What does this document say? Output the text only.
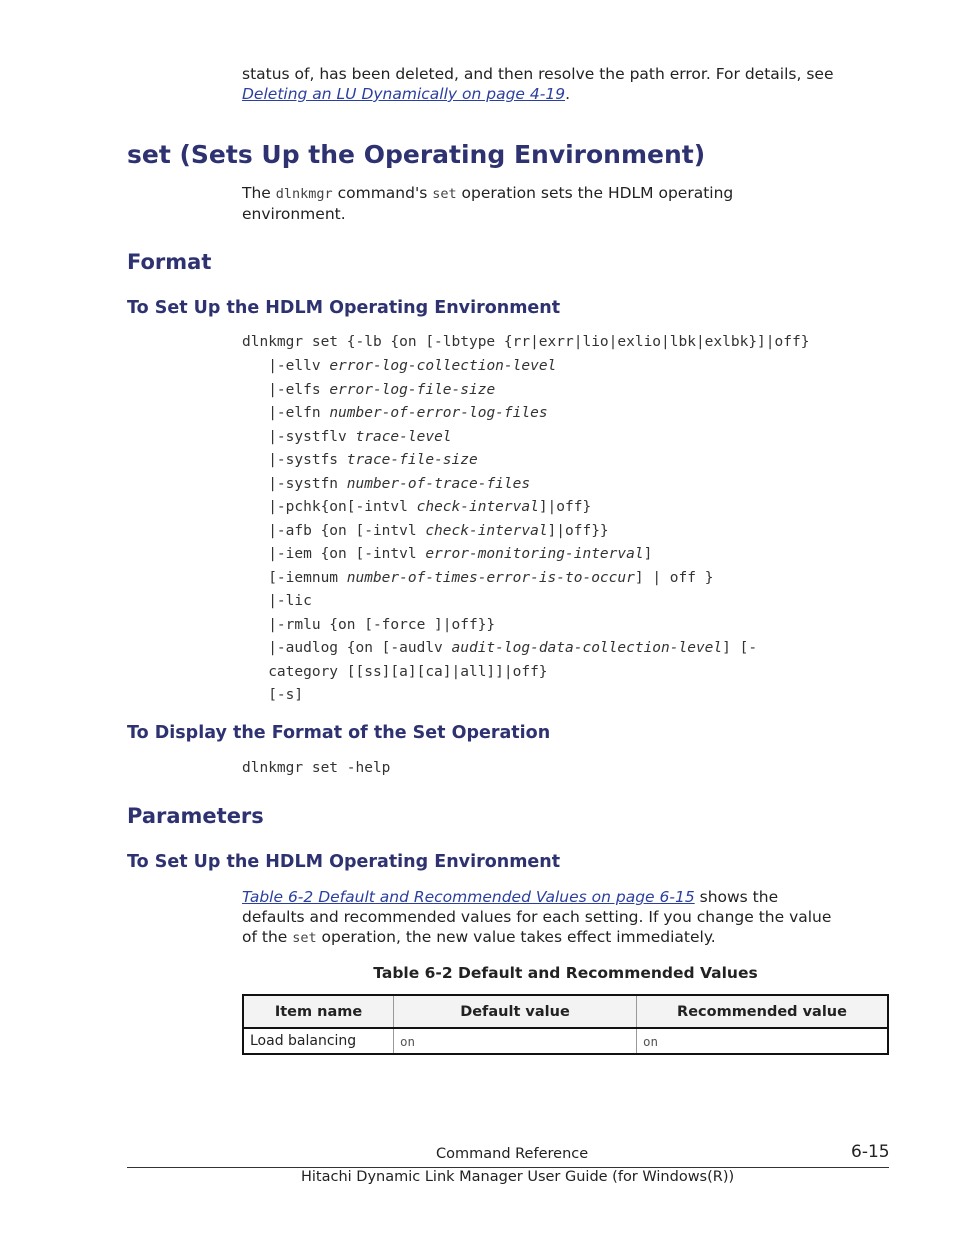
status of, has been deleted, and then resolve the path error. For details, see
Deleting an LU Dynamically on page 4-19.
set (Sets Up the Operating Environment)
The dlnkmgr command's set operation sets the HDLM operating
environment.
Format
To Set Up the HDLM Operating Environment
dlnkmgr set {-lb {on [-lbtype {rr|exrr|lio|exlio|lbk|exlbk}]|off}
|-ellv error-log-collection-level
|-elfs error-log-file-size
|-elfn number-of-error-log-files
|-systflv trace-level
|-systfs trace-file-size
|-systfn number-of-trace-files
|-pchk{on[-intvl check-interval]|off}
|-afb {on [-intvl check-interval]|off}}
|-iem {on [-intvl error-monitoring-interval]
[-iemnum number-of-times-error-is-to-occur] | off }
|-lic
|-rmlu {on [-force ]|off}}
|-audlog {on [-audlv audit-log-data-collection-level] [-
category [[ss][a][ca]|all]]|off}
[-s]
To Display the Format of the Set Operation
dlnkmgr set -help
Parameters
To Set Up the HDLM Operating Environment
Table 6-2 Default and Recommended Values on page 6-15 shows the
defaults and recommended values for each setting. If you change the value
of the set operation, the new value takes effect immediately.
Table 6-2 Default and Recommended Values
Item name	Default value	Recommended value
Load balancing	on	on
Command Reference	6-15
Hitachi Dynamic Link Manager User Guide (for Windows(R))
